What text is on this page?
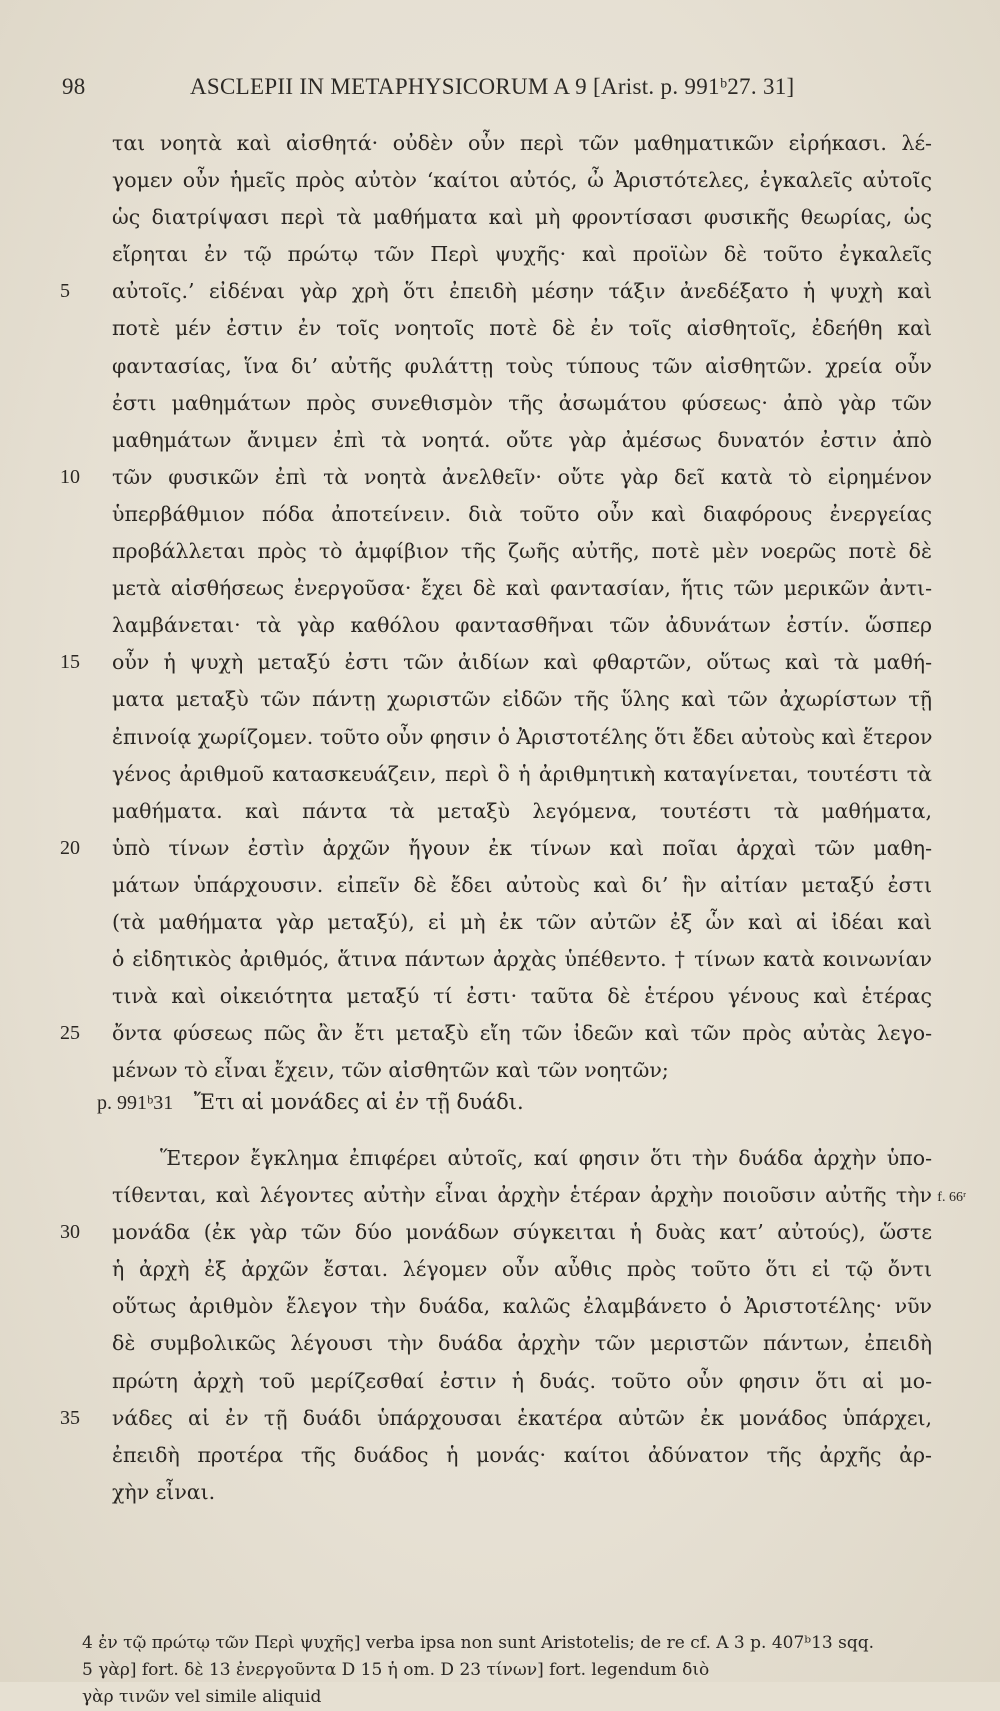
98	ASCLEPII IN METAPHYSICORUM A 9 [Arist. p. 991ᵇ27. 31]
ται νοητὰ καὶ αἰσθητά· οὐδὲν οὖν περὶ τῶν μαθηματικῶν εἰρήκασι. λέ-
γομεν οὖν ἡμεῖς πρὸς αὐτὸν ‘καίτοι αὐτός, ὦ Ἀριστότελες, ἐγκαλεῖς αὐτοῖς
ὡς διατρίψασι περὶ τὰ μαθήματα καὶ μὴ φροντίσασι φυσικῆς θεωρίας, ὡς
εἴρηται ἐν τῷ πρώτῳ τῶν Περὶ ψυχῆς· καὶ προϊὼν δὲ τοῦτο ἐγκαλεῖς
5	αὐτοῖς.’ εἰδέναι γὰρ χρὴ ὅτι ἐπειδὴ μέσην τάξιν ἀνεδέξατο ἡ ψυχὴ καὶ
ποτὲ μέν ἐστιν ἐν τοῖς νοητοῖς ποτὲ δὲ ἐν τοῖς αἰσθητοῖς, ἐδεήθη καὶ
φαντασίας, ἵνα δι’ αὐτῆς φυλάττῃ τοὺς τύπους τῶν αἰσθητῶν. χρεία οὖν
ἐστι μαθημάτων πρὸς συνεθισμὸν τῆς ἀσωμάτου φύσεως· ἀπὸ γὰρ τῶν
μαθημάτων ἄνιμεν ἐπὶ τὰ νοητά. οὔτε γὰρ ἀμέσως δυνατόν ἐστιν ἀπὸ
10	τῶν φυσικῶν ἐπὶ τὰ νοητὰ ἀνελθεῖν· οὔτε γὰρ δεῖ κατὰ τὸ εἰρημένον
ὑπερβάθμιον πόδα ἀποτείνειν. διὰ τοῦτο οὖν καὶ διαφόρους ἐνεργείας
προβάλλεται πρὸς τὸ ἀμφίβιον τῆς ζωῆς αὐτῆς, ποτὲ μὲν νοερῶς ποτὲ δὲ
μετὰ αἰσθήσεως ἐνεργοῦσα· ἔχει δὲ καὶ φαντασίαν, ἥτις τῶν μερικῶν ἀντι-
λαμβάνεται· τὰ γὰρ καθόλου φαντασθῆναι τῶν ἀδυνάτων ἐστίν. ὥσπερ
15	οὖν ἡ ψυχὴ μεταξύ ἐστι τῶν ἀιδίων καὶ φθαρτῶν, οὕτως καὶ τὰ μαθή-
ματα μεταξὺ τῶν πάντῃ χωριστῶν εἰδῶν τῆς ὕλης καὶ τῶν ἀχωρίστων τῇ
ἐπινοίᾳ χωρίζομεν. τοῦτο οὖν φησιν ὁ Ἀριστοτέλης ὅτι ἔδει αὐτοὺς καὶ ἕτερον
γένος ἀριθμοῦ κατασκευάζειν, περὶ ὃ ἡ ἀριθμητικὴ καταγίνεται, τουτέστι τὰ
μαθήματα. καὶ πάντα τὰ μεταξὺ λεγόμενα, τουτέστι τὰ μαθήματα,
20	ὑπὸ τίνων ἐστὶν ἀρχῶν ἤγουν ἐκ τίνων καὶ ποῖαι ἀρχαὶ τῶν μαθη-
μάτων ὑπάρχουσιν. εἰπεῖν δὲ ἔδει αὐτοὺς καὶ δι’ ἣν αἰτίαν μεταξύ ἐστι
(τὰ μαθήματα γὰρ μεταξύ), εἰ μὴ ἐκ τῶν αὐτῶν ἐξ ὧν καὶ αἱ ἰδέαι καὶ
ὁ εἰδητικὸς ἀριθμός, ἅτινα πάντων ἀρχὰς ὑπέθεντο. † τίνων κατὰ κοινωνίαν
τινὰ καὶ οἰκειότητα μεταξύ τί ἐστι· ταῦτα δὲ ἑτέρου γένους καὶ ἑτέρας
25	ὄντα φύσεως πῶς ἂν ἔτι μεταξὺ εἴη τῶν ἰδεῶν καὶ τῶν πρὸς αὐτὰς λεγο-
μένων τὸ εἶναι ἔχειν, τῶν αἰσθητῶν καὶ τῶν νοητῶν;
p. 991ᵇ31 Ἔτι αἱ μονάδες αἱ ἐν τῇ δυάδι.
Ἕτερον ἔγκλημα ἐπιφέρει αὐτοῖς, καί φησιν ὅτι τὴν δυάδα ἀρχὴν ὑπο-
τίθενται, καὶ λέγοντες αὐτὴν εἶναι ἀρχὴν ἑτέραν ἀρχὴν ποιοῦσιν αὐτῆς τὴν f. 66ʳ
30	μονάδα (ἐκ γὰρ τῶν δύο μονάδων σύγκειται ἡ δυὰς κατ’ αὐτούς), ὥστε
ἡ ἀρχὴ ἐξ ἀρχῶν ἔσται. λέγομεν οὖν αὖθις πρὸς τοῦτο ὅτι εἰ τῷ ὄντι
οὕτως ἀριθμὸν ἔλεγον τὴν δυάδα, καλῶς ἐλαμβάνετο ὁ Ἀριστοτέλης· νῦν
δὲ συμβολικῶς λέγουσι τὴν δυάδα ἀρχὴν τῶν μεριστῶν πάντων, ἐπειδὴ
πρώτη ἀρχὴ τοῦ μερίζεσθαί ἐστιν ἡ δυάς. τοῦτο οὖν φησιν ὅτι αἱ μο-
35	νάδες αἱ ἐν τῇ δυάδι ὑπάρχουσαι ἑκατέρα αὐτῶν ἐκ μονάδος ὑπάρχει,
ἐπειδὴ προτέρα τῆς δυάδος ἡ μονάς· καίτοι ἀδύνατον τῆς ἀρχῆς ἀρ-
χὴν εἶναι.
4 ἐν τῷ πρώτῳ τῶν Περὶ ψυχῆς] verba ipsa non sunt Aristotelis; de re cf. A 3 p. 407ᵇ13 sqq.
5 γὰρ] fort. δὲ 13 ἐνεργοῦντα D 15 ἡ om. D 23 τίνων] fort. legendum διὸ
γὰρ τινῶν vel simile aliquid
